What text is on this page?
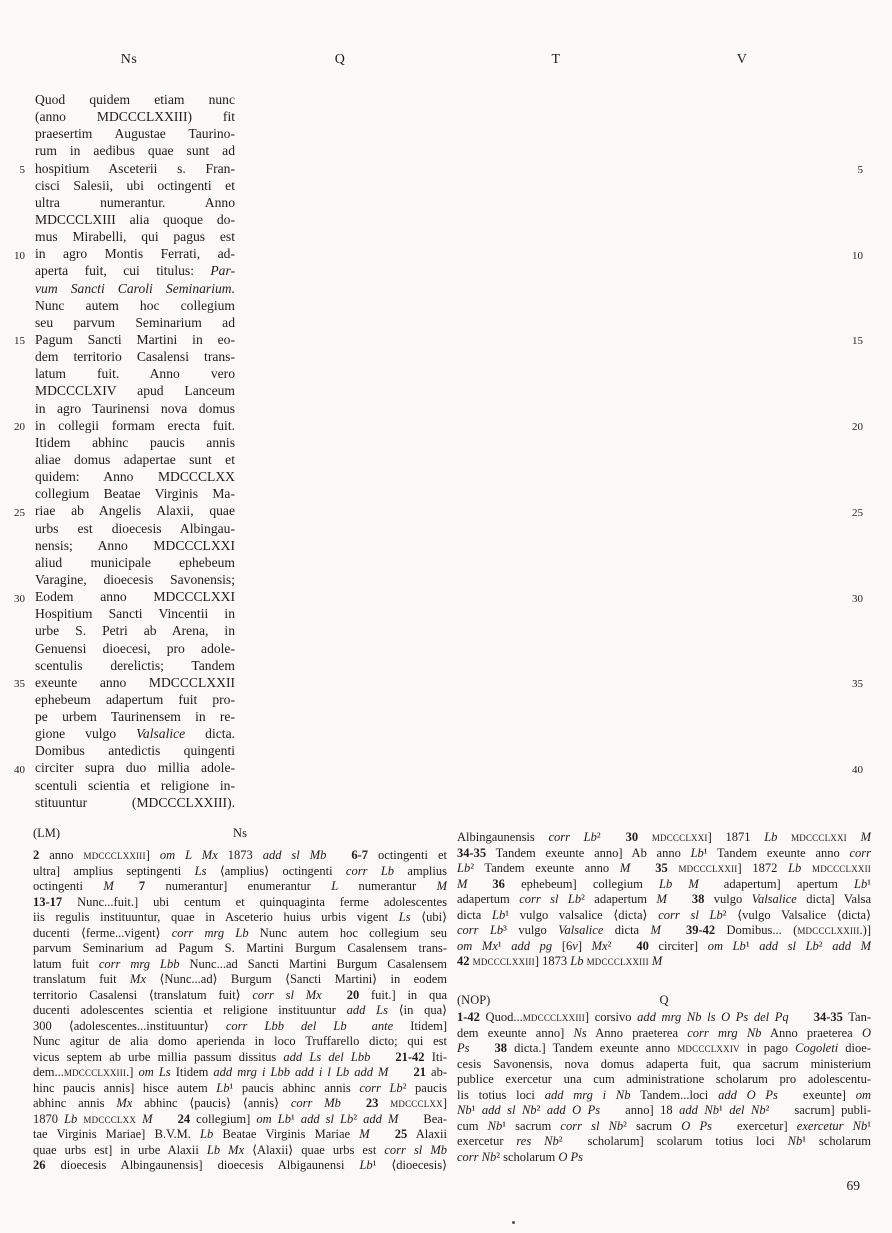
Ns	Q	T	V
5
10
15
20
25
30
35
40
Quod quidem etiam nunc
(anno MDCCCLXXIII) fit
praesertim Augustae Taurino-
rum in aedibus quae sunt ad
hospitium Asceterii s. Fran-
cisci Salesii, ubi octingenti et
ultra numerantur. Anno
MDCCCLXIII alia quoque do-
mus Mirabelli, qui pagus est
in agro Montis Ferrati, ad-
aperta fuit, cui titulus: Par-
vum Sancti Caroli Seminarium.
Nunc autem hoc collegium
seu parvum Seminarium ad
Pagum Sancti Martini in eo-
dem territorio Casalensi trans-
latum fuit. Anno vero
MDCCCLXIV apud Lanceum
in agro Taurinensi nova domus
in collegii formam erecta fuit.
Itidem abhinc paucis annis
aliae domus adapertae sunt et
quidem: Anno MDCCCLXX
collegium Beatae Virginis Ma-
riae ab Angelis Alaxii, quae
urbs est dioecesis Albingau-
nensis; Anno MDCCCLXXI
aliud municipale ephebeum
Varagine, dioecesis Savonensis;
Eodem anno MDCCCLXXI
Hospitium Sancti Vincentii in
urbe S. Petri ab Arena, in
Genuensi dioecesi, pro adole-
scentulis derelictis; Tandem
exeunte anno MDCCCLXXII
ephebeum adapertum fuit pro-
pe urbem Taurinensem in re-
gione vulgo Valsalice dicta.
Domibus antedictis quingenti
circiter supra duo millia adole-
scentuli scientia et religione in-
stituuntur (MDCCCLXXIII).
5
10
15
20
25
30
35
40
(LM)	Ns
2 anno mdccclxxiii] om L Mx 1873 add sl Mb   6-7 octingenti et
ultra] amplius septingenti Ls ⟨amplius⟩ octingenti corr Lb amplius
octingenti M   7 numerantur] enumerantur L numerantur M
13-17 Nunc...fuit.] ubi centum et quinquaginta ferme adolescentes
iis regulis instituuntur, quae in Asceterio huius urbis vigent Ls ⟨ubi⟩
ducenti ⟨ferme...vigent⟩ corr mrg Lb Nunc autem hoc collegium seu
parvum Seminarium ad Pagum S. Martini Burgum Casalensem trans-
latum fuit corr mrg Lbb Nunc...ad Sancti Martini Burgum Casalensem
translatum fuit Mx ⟨Nunc...ad⟩ Burgum ⟨Sancti Martini⟩ in eodem
territorio Casalensi ⟨translatum fuit⟩ corr sl Mx   20 fuit.] in qua
ducenti adolescentes scientia et religione instituuntur add Ls ⟨in qua⟩
300 ⟨adolescentes...instituuntur⟩ corr Lbb del Lb   ante Itidem]
Nunc agitur de alia domo aperienda in loco Truffarello dicto; qui est
vicus septem ab urbe millia passum dissitus add Ls del Lbb   21-42 Iti-
dem...mdccclxxiii.] om Ls Itidem add mrg i Lbb add i l Lb add M   21 ab-
hinc paucis annis] hisce autem Lb¹ paucis abhinc annis corr Lb² paucis
abhinc annis Mx abhinc ⟨paucis⟩ ⟨annis⟩ corr Mb   23 mdccclxx]
1870 Lb mdccclxx M   24 collegium] om Lb¹ add sl Lb² add M  Bea-
tae Virginis Mariae] B.V.M. Lb Beatae Virginis Mariae M   25 Alaxii
quae urbs est] in urbe Alaxii Lb Mx ⟨Alaxii⟩ quae urbs est corr sl Mb
26 dioecesis Albingaunensis] dioecesis Albigaunensi Lb¹ ⟨dioecesis⟩
Albingaunensis corr Lb²  30 mdccclxxi] 1871 Lb mdccclxxi M
34-35 Tandem exeunte anno] Ab anno Lb¹ Tandem exeunte anno corr
Lb² Tandem exeunte anno M   35 mdccclxxii] 1872 Lb mdccclxxii
M   36 ephebeum] collegium Lb M  adapertum] apertum Lb¹
adapertum corr sl Lb² adapertum M   38 vulgo Valsalice dicta] Valsa
dicta Lb¹ vulgo valsalice ⟨dicta⟩ corr sl Lb² ⟨vulgo Valsalice ⟨dicta⟩
corr Lb³ vulgo Valsalice dicta M   39-42 Domibus... (mdccclxxiii.)]
om Mx¹ add pg [6v] Mx²  40 circiter] om Lb¹ add sl Lb² add M
42 mdccclxxiii] 1873 Lb mdccclxxiii M
(NOP)	Q
1-42 Quod...mdccclxxiii] corsivo add mrg Nb ls O Ps del Pq   34-35 Tan-
dem exeunte anno] Ns Anno praeterea corr mrg Nb Anno praeterea O
Ps   38 dicta.] Tandem exeunte anno mdccclxxiv in pago Cogoleti dioe-
cesis Savonensis, nova domus adaperta fuit, qua sacrum ministerium
publice exercetur una cum administratione scholarum pro adolescentu-
lis totius loci add mrg i Nb Tandem...loci add O Ps  exeunte] om
Nb¹ add sl Nb² add O Ps  anno] 18 add Nb¹ del Nb²  sacrum] publi-
cum Nb¹ sacrum corr sl Nb² sacrum O Ps  exercetur] exercetur Nb¹
exercetur res Nb²  scholarum] scolarum totius loci Nb¹ scholarum
corr Nb² scholarum O Ps
69
